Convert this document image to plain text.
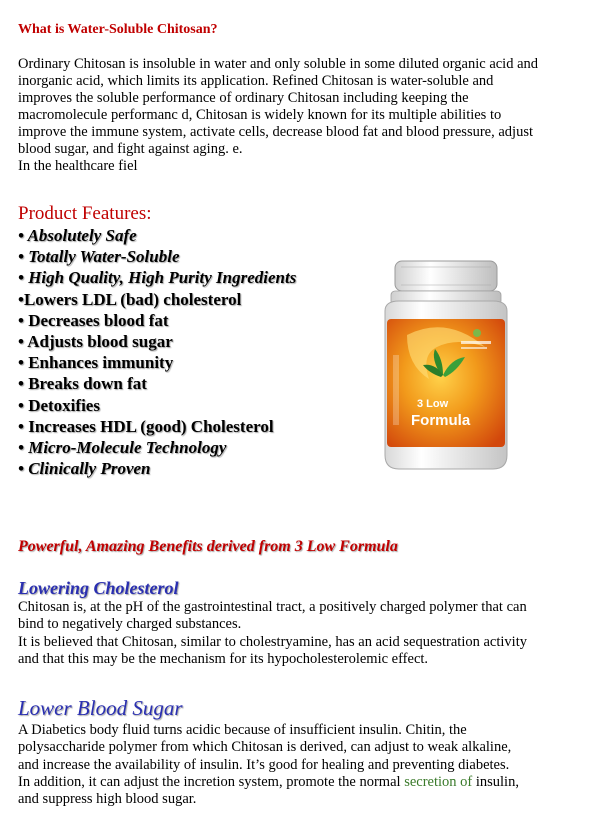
What is Water-Soluble Chitosan?
Ordinary Chitosan is insoluble in water and only soluble in some diluted organic acid and
inorganic acid, which limits its application. Refined Chitosan is water-soluble and
improves the soluble performance of ordinary Chitosan including keeping the
macromolecule performanc d, Chitosan is widely known for its multiple abilities to
improve the immune system, activate cells, decrease blood fat and blood pressure, adjust
blood sugar, and fight against aging. e.
In the healthcare fiel
Product Features:
• Absolutely Safe
• Totally Water-Soluble
• High Quality, High Purity Ingredients
•Lowers LDL (bad) cholesterol
• Decreases blood fat
• Adjusts blood sugar
• Enhances immunity
• Breaks down fat
• Detoxifies
• Increases HDL (good) Cholesterol
• Micro-Molecule Technology
• Clinically Proven
3 Low
Formula
Powerful, Amazing Benefits derived from 3 Low Formula
Lowering Cholesterol
Chitosan is, at the pH of the gastrointestinal tract, a positively charged polymer that can
bind to negatively charged substances.
It is believed that Chitosan, similar to cholestryamine, has an acid sequestration activity
and that this may be the mechanism for its hypocholesterolemic effect.
Lower Blood Sugar
A Diabetics body fluid turns acidic because of insufficient insulin. Chitin, the
polysaccharide polymer from which Chitosan is derived, can adjust to weak alkaline,
and increase the availability of insulin. It’s good for healing and preventing diabetes.
In addition, it can adjust the incretion system, promote the normal secretion of insulin,
and suppress high blood sugar.
